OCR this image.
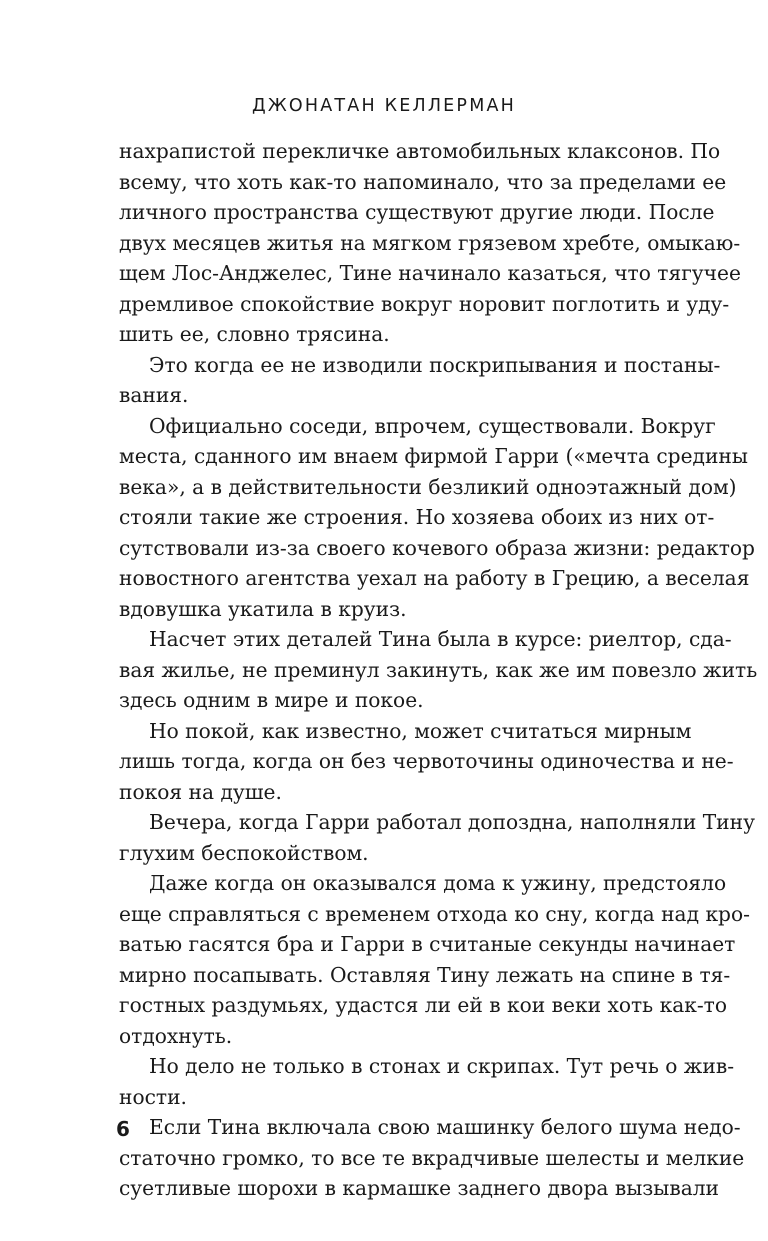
ДЖОНАТАН КЕЛЛЕРМАН
нахрапистой перекличке автомобильных клаксонов. По
всему, что хоть как-то напоминало, что за пределами ее
личного пространства существуют другие люди. После
двух месяцев житья на мягком грязевом хребте, омыкаю-
щем Лос-Анджелес, Тине начинало казаться, что тягучее
дремливое спокойствие вокруг норовит поглотить и уду-
шить ее, словно трясина.
Это когда ее не изводили поскрипывания и постаны-
вания.
Официально соседи, впрочем, существовали. Вокруг
места, сданного им внаем фирмой Гарри («мечта средины
века», а в действительности безликий одноэтажный дом)
стояли такие же строения. Но хозяева обоих из них от-
сутствовали из-за своего кочевого образа жизни: редактор
новостного агентства уехал на работу в Грецию, а веселая
вдовушка укатила в круиз.
Насчет этих деталей Тина была в курсе: риелтор, сда-
вая жилье, не преминул закинуть, как же им повезло жить
здесь одним в мире и покое.
Но покой, как известно, может считаться мирным
лишь тогда, когда он без червоточины одиночества и не-
покоя на душе.
Вечера, когда Гарри работал допоздна, наполняли Тину
глухим беспокойством.
Даже когда он оказывался дома к ужину, предстояло
еще справляться с временем отхода ко сну, когда над кро-
ватью гасятся бра и Гарри в считаные секунды начинает
мирно посапывать. Оставляя Тину лежать на спине в тя-
гостных раздумьях, удастся ли ей в кои веки хоть как-то
отдохнуть.
Но дело не только в стонах и скрипах. Тут речь о жив-
ности.
Если Тина включала свою машинку белого шума недо-
статочно громко, то все те вкрадчивые шелесты и мелкие
суетливые шорохи в кармашке заднего двора вызывали
6
